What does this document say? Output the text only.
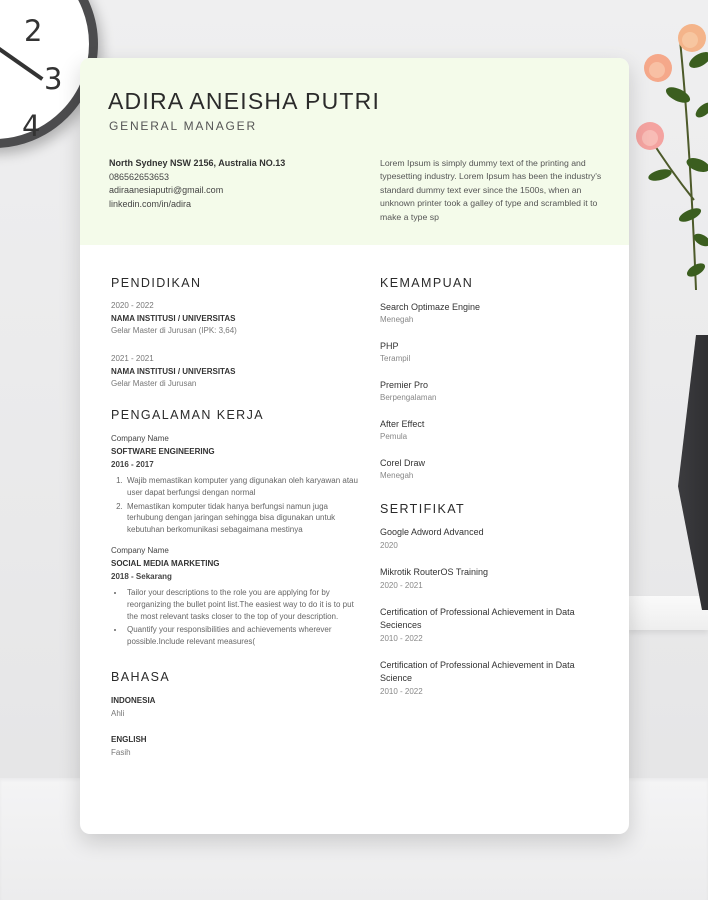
2
3
4
ADIRA ANEISHA PUTRI
GENERAL MANAGER
North Sydney NSW 2156, Australia NO.13
086562653653
adiraanesiaputri@gmail.com
linkedin.com/in/adira
Lorem Ipsum is simply dummy text of the printing and typesetting industry. Lorem Ipsum has been the industry's standard dummy text ever since the 1500s, when an unknown printer took a galley of type and scrambled it to make a type sp
PENDIDIKAN
2020 - 2022
NAMA INSTITUSI / UNIVERSITAS
Gelar Master di Jurusan (IPK: 3,64)
2021 - 2021
NAMA INSTITUSI / UNIVERSITAS
Gelar Master di Jurusan
PENGALAMAN KERJA
Company Name
SOFTWARE ENGINEERING
2016 - 2017
1. Wajib memastikan komputer yang digunakan oleh karyawan atau user dapat berfungsi dengan normal
2. Memastikan komputer tidak hanya berfungsi namun juga terhubung dengan jaringan sehingga bisa digunakan untuk kebutuhan berkomunikasi sebagaimana mestinya
Company Name
SOCIAL MEDIA MARKETING
2018 - Sekarang
• Tailor your descriptions to the role you are applying for by reorganizing the bullet point list.The easiest way to do it is to put the most relevant tasks closer to the top of your description.
• Quantify your responsibilities and achievements wherever possible.Include relevant measures(
BAHASA
INDONESIA
Ahli
ENGLISH
Fasih
KEMAMPUAN
Search Optimaze Engine
Menegah
PHP
Terampil
Premier Pro
Berpengalaman
After Effect
Pemula
Corel Draw
Menegah
SERTIFIKAT
Google Adword Advanced
2020
Mikrotik RouterOS Training
2020 - 2021
Certification of Professional Achievement in Data Seciences
2010 - 2022
Certification of Professional Achievement in Data Science
2010 - 2022
